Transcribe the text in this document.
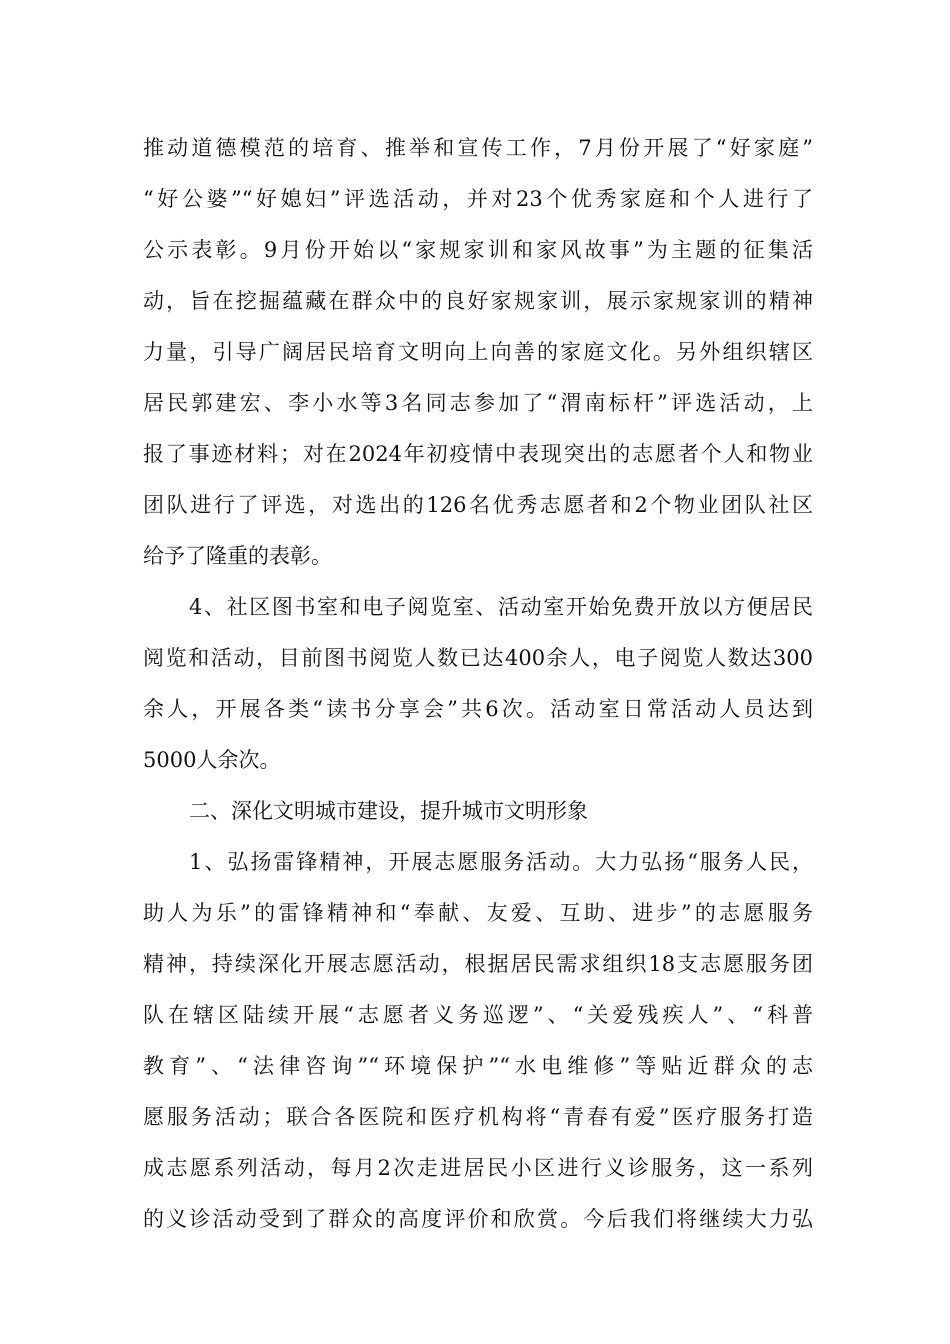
推动道德模范的培育、推举和宣传工作，7月份开展了“好家庭”
“好公婆”“好媳妇”评选活动，并对23个优秀家庭和个人进行了
公示表彰。9月份开始以“家规家训和家风故事”为主题的征集活
动，旨在挖掘蕴藏在群众中的良好家规家训，展示家规家训的精神
力量，引导广阔居民培育文明向上向善的家庭文化。另外组织辖区
居民郭建宏、李小水等3名同志参加了“渭南标杆”评选活动，上
报了事迹材料；对在2024年初疫情中表现突出的志愿者个人和物业
团队进行了评选，对选出的126名优秀志愿者和2个物业团队社区
给予了隆重的表彰。
4、社区图书室和电子阅览室、活动室开始免费开放以方便居民
阅览和活动，目前图书阅览人数已达400余人，电子阅览人数达300
余人，开展各类“读书分享会”共6次。活动室日常活动人员达到
5000人余次。
二、深化文明城市建设，提升城市文明形象
1、弘扬雷锋精神，开展志愿服务活动。大力弘扬“服务人民，
助人为乐”的雷锋精神和“奉献、友爱、互助、进步”的志愿服务
精神，持续深化开展志愿活动，根据居民需求组织18支志愿服务团
队在辖区陆续开展“志愿者义务巡逻”、“关爱残疾人”、“科普
教育”、“法律咨询”“环境保护”“水电维修”等贴近群众的志
愿服务活动；联合各医院和医疗机构将“青春有爱”医疗服务打造
成志愿系列活动，每月2次走进居民小区进行义诊服务，这一系列
的义诊活动受到了群众的高度评价和欣赏。今后我们将继续大力弘
